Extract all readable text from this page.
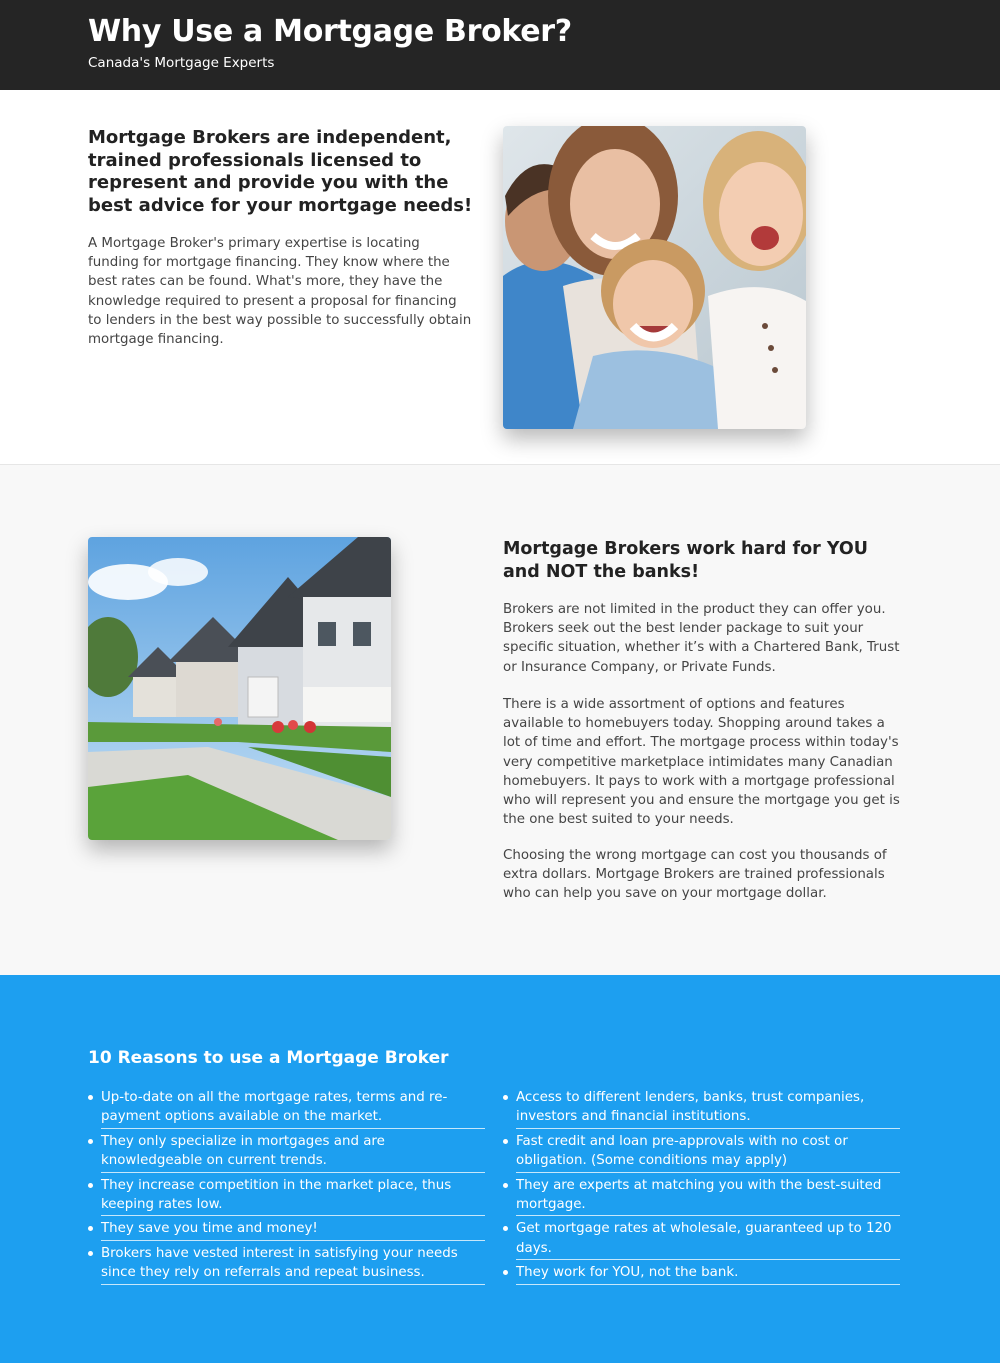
Why Use a Mortgage Broker?
Canada's Mortgage Experts
Mortgage Brokers are independent, trained professionals licensed to represent and provide you with the best advice for your mortgage needs!

A Mortgage Broker's primary expertise is locating funding for mortgage financing. They know where the best rates can be found. What's more, they have the knowledge required to present a proposal for financing to lenders in the best way possible to successfully obtain mortgage financing.

Mortgage Brokers work hard for YOU and NOT the banks!

Brokers are not limited in the product they can offer you. Brokers seek out the best lender package to suit your specific situation, whether it’s with a Chartered Bank, Trust or Insurance Company, or Private Funds.

There is a wide assortment of options and features available to homebuyers today. Shopping around takes a lot of time and effort. The mortgage process within today's very competitive marketplace intimidates many Canadian homebuyers. It pays to work with a mortgage professional who will represent you and ensure the mortgage you get is the one best suited to your needs.

Choosing the wrong mortgage can cost you thousands of extra dollars. Mortgage Brokers are trained professionals who can help you save on your mortgage dollar.

10 Reasons to use a Mortgage Broker
Up-to-date on all the mortgage rates, terms and re-payment options available on the market.
They only specialize in mortgages and are knowledgeable on current trends.
They increase competition in the market place, thus keeping rates low.
They save you time and money!
Brokers have vested interest in satisfying your needs since they rely on referrals and repeat business.
Access to different lenders, banks, trust companies, investors and financial institutions.
Fast credit and loan pre-approvals with no cost or obligation. (Some conditions may apply)
They are experts at matching you with the best-suited mortgage.
Get mortgage rates at wholesale, guaranteed up to 120 days.
They work for YOU, not the bank.
